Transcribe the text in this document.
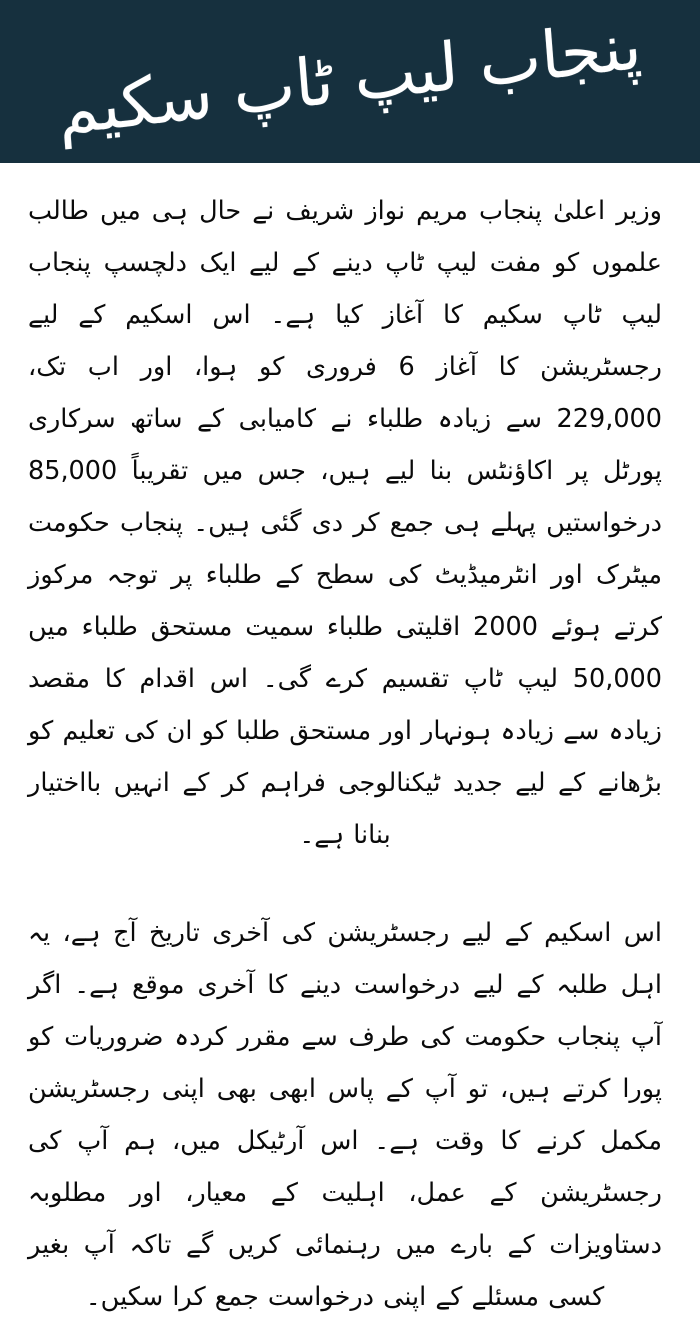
پنجاب لیپ ٹاپ سکیم

وزیر اعلیٰ پنجاب مریم نواز شریف نے حال ہی میں طالب علموں کو مفت لیپ ٹاپ دینے کے لیے ایک دلچسپ پنجاب لیپ ٹاپ سکیم کا آغاز کیا ہے۔ اس اسکیم کے لیے رجسٹریشن کا آغاز 6 فروری کو ہوا، اور اب تک، 229,000 سے زیادہ طلباء نے کامیابی کے ساتھ سرکاری پورٹل پر اکاؤنٹس بنا لیے ہیں، جس میں تقریباً 85,000 درخواستیں پہلے ہی جمع کر دی گئی ہیں۔ پنجاب حکومت میٹرک اور انٹرمیڈیٹ کی سطح کے طلباء پر توجہ مرکوز کرتے ہوئے 2000 اقلیتی طلباء سمیت مستحق طلباء میں 50,000 لیپ ٹاپ تقسیم کرے گی۔ اس اقدام کا مقصد زیادہ سے زیادہ ہونہار اور مستحق طلبا کو ان کی تعلیم کو بڑھانے کے لیے جدید ٹیکنالوجی فراہم کر کے انہیں بااختیار بنانا ہے۔

اس اسکیم کے لیے رجسٹریشن کی آخری تاریخ آج ہے، یہ اہل طلبہ کے لیے درخواست دینے کا آخری موقع ہے۔ اگر آپ پنجاب حکومت کی طرف سے مقرر کردہ ضروریات کو پورا کرتے ہیں، تو آپ کے پاس ابھی بھی اپنی رجسٹریشن مکمل کرنے کا وقت ہے۔ اس آرٹیکل میں، ہم آپ کی رجسٹریشن کے عمل، اہلیت کے معیار، اور مطلوبہ دستاویزات کے بارے میں رہنمائی کریں گے تاکہ آپ بغیر کسی مسئلے کے اپنی درخواست جمع کرا سکیں۔
